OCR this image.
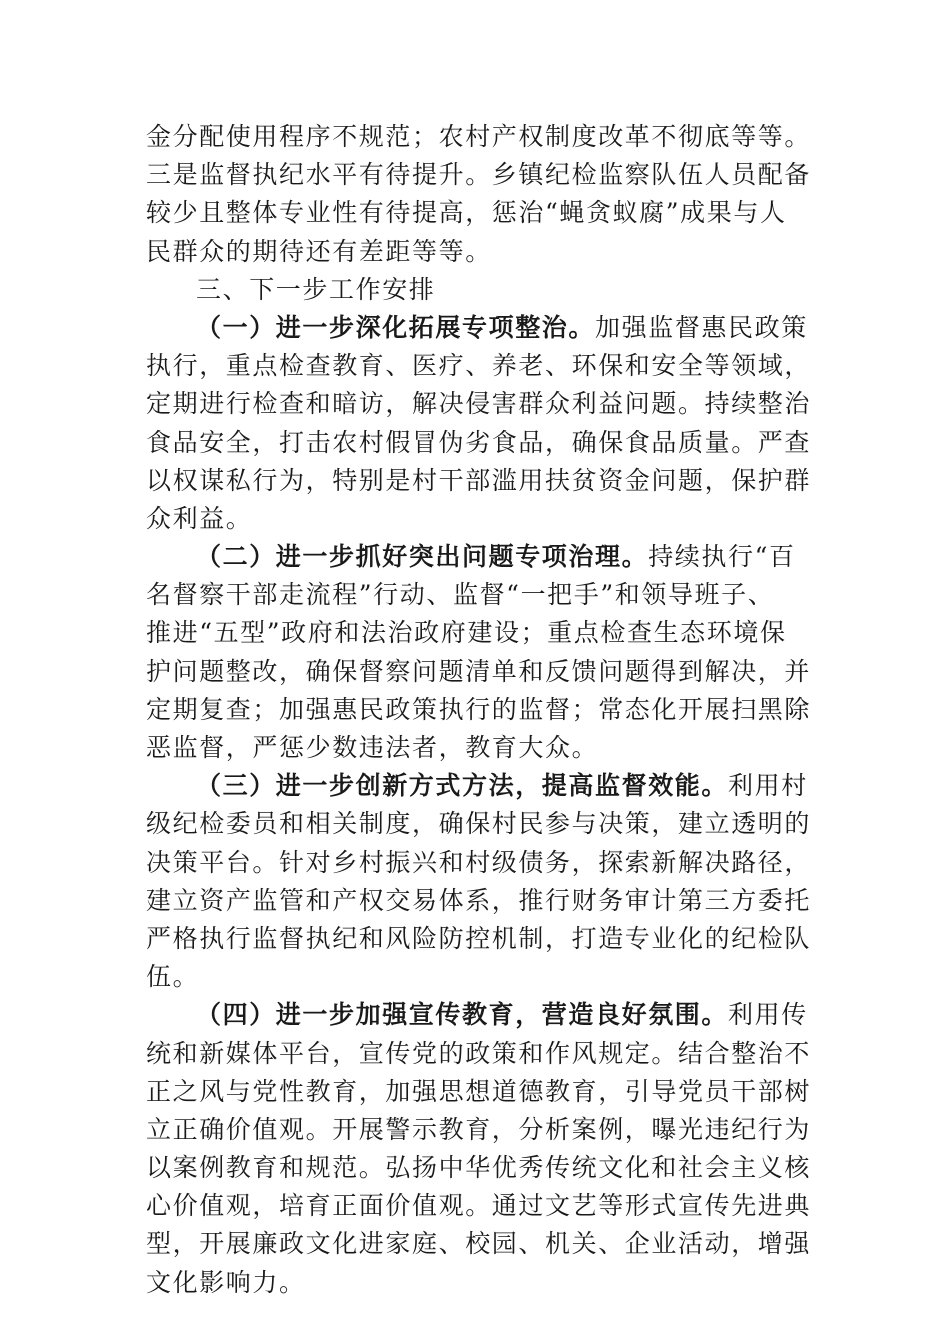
金分配使用程序不规范；农村产权制度改革不彻底等等。
三是监督执纪水平有待提升。乡镇纪检监察队伍人员配备
较少且整体专业性有待提高，惩治“蝇贪蚁腐”成果与人
民群众的期待还有差距等等。
三、下一步工作安排
（一）进一步深化拓展专项整治。加强监督惠民政策
执行，重点检查教育、医疗、养老、环保和安全等领域，
定期进行检查和暗访，解决侵害群众利益问题。持续整治
食品安全，打击农村假冒伪劣食品，确保食品质量。严查
以权谋私行为，特别是村干部滥用扶贫资金问题，保护群
众利益。
（二）进一步抓好突出问题专项治理。持续执行“百
名督察干部走流程”行动、监督“一把手”和领导班子、
推进“五型”政府和法治政府建设；重点检查生态环境保
护问题整改，确保督察问题清单和反馈问题得到解决，并
定期复查；加强惠民政策执行的监督；常态化开展扫黑除
恶监督，严惩少数违法者，教育大众。
（三）进一步创新方式方法，提高监督效能。利用村
级纪检委员和相关制度，确保村民参与决策，建立透明的
决策平台。针对乡村振兴和村级债务，探索新解决路径，
建立资产监管和产权交易体系，推行财务审计第三方委托
严格执行监督执纪和风险防控机制，打造专业化的纪检队
伍。
（四）进一步加强宣传教育，营造良好氛围。利用传
统和新媒体平台，宣传党的政策和作风规定。结合整治不
正之风与党性教育，加强思想道德教育，引导党员干部树
立正确价值观。开展警示教育，分析案例，曝光违纪行为
以案例教育和规范。弘扬中华优秀传统文化和社会主义核
心价值观，培育正面价值观。通过文艺等形式宣传先进典
型，开展廉政文化进家庭、校园、机关、企业活动，增强
文化影响力。
